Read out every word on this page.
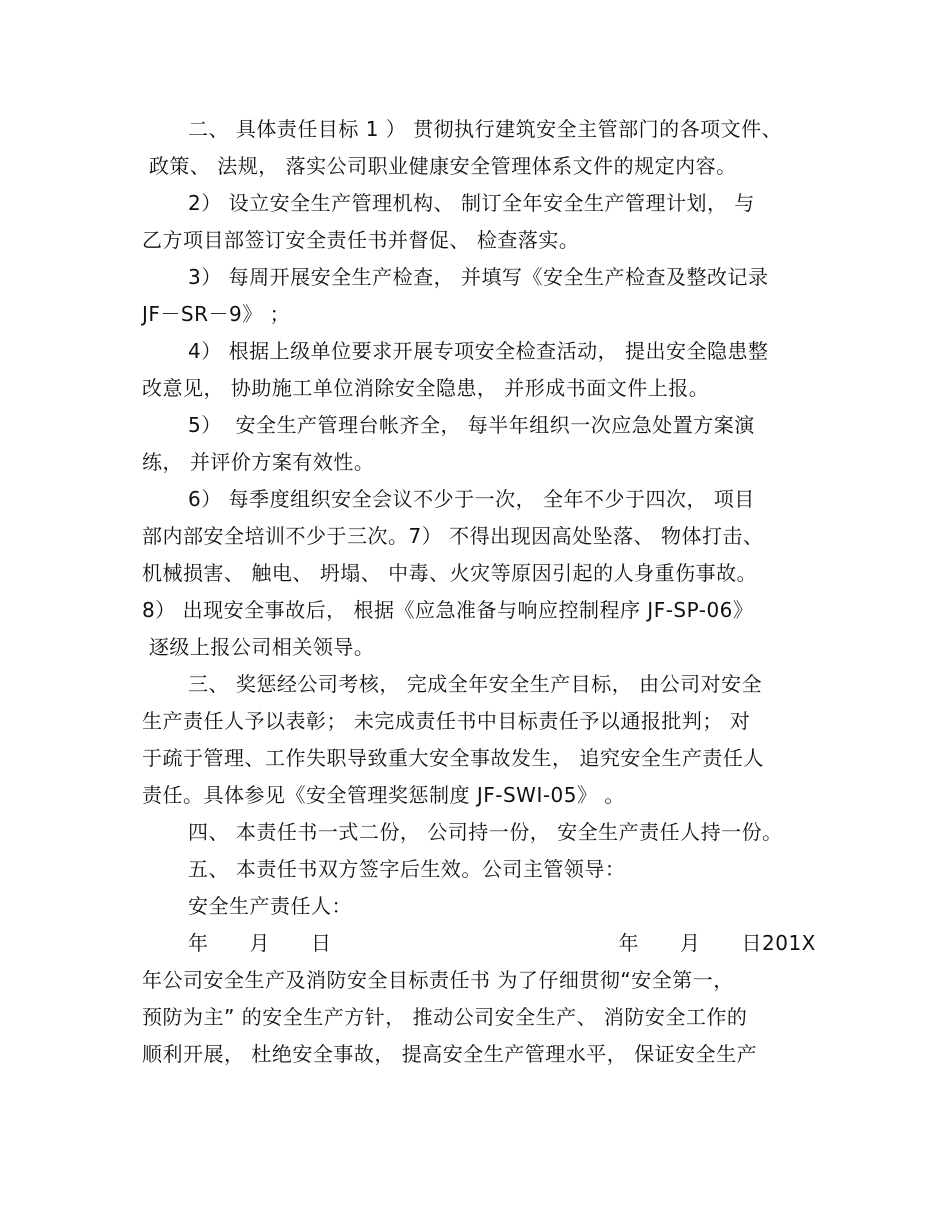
二、 具体责任目标 1 ） 贯彻执行建筑安全主管部门的各项文件、
政策、 法规， 落实公司职业健康安全管理体系文件的规定内容。
2） 设立安全生产管理机构、 制订全年安全生产管理计划， 与
乙方项目部签订安全责任书并督促、 检查落实。
3） 每周开展安全生产检查， 并填写《安全生产检查及整改记录
JF－SR－9》 ；
4） 根据上级单位要求开展专项安全检查活动， 提出安全隐患整
改意见， 协助施工单位消除安全隐患， 并形成书面文件上报。
5）  安全生产管理台帐齐全， 每半年组织一次应急处置方案演
练， 并评价方案有效性。
6） 每季度组织安全会议不少于一次， 全年不少于四次， 项目
部内部安全培训不少于三次。7） 不得出现因高处坠落、 物体打击、
机械损害、 触电、 坍塌、 中毒、火灾等原因引起的人身重伤事故。
8） 出现安全事故后， 根据《应急准备与响应控制程序 JF-SP-06》
逐级上报公司相关领导。
三、 奖惩经公司考核， 完成全年安全生产目标， 由公司对安全
生产责任人予以表彰； 未完成责任书中目标责任予以通报批判； 对
于疏于管理、工作失职导致重大安全事故发生， 追究安全生产责任人
责任。具体参见《安全管理奖惩制度 JF-SWI-05》 。
四、 本责任书一式二份， 公司持一份， 安全生产责任人持一份。
五、 本责任书双方签字后生效。公司主管领导：
安全生产责任人：
年　　月　　日　　　　　　　　　　　　　　年　　月　　日201X
年公司安全生产及消防安全目标责任书 为了仔细贯彻“安全第一，
预防为主” 的安全生产方针， 推动公司安全生产、 消防安全工作的
顺利开展， 杜绝安全事故， 提高安全生产管理水平， 保证安全生产
